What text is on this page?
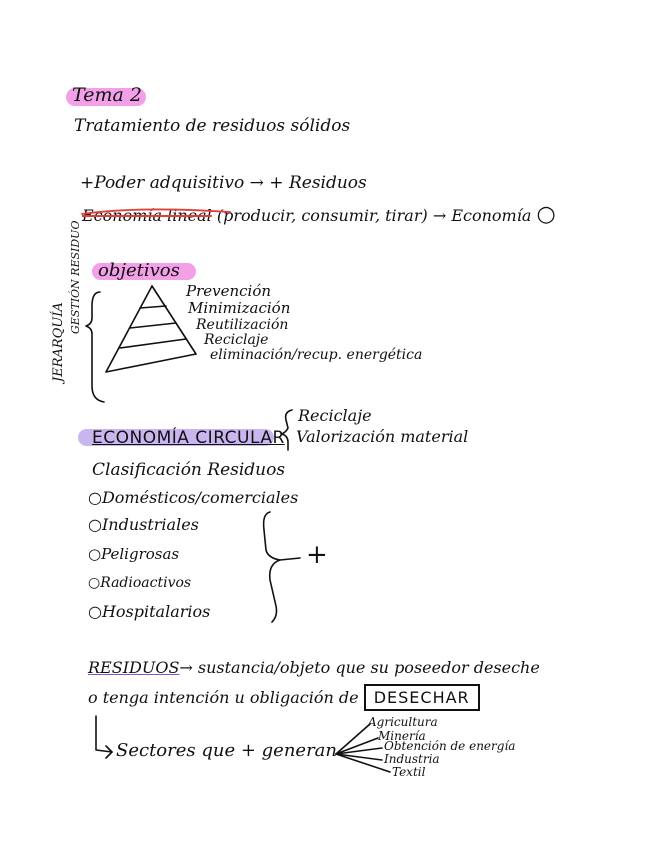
Tema 2
Tratamiento de residuos sólidos
+Poder adquisitivo → + Residuos
Economía lineal (producir, consumir, tirar) → Economía ○
objetivos
JERARQUÍA
GESTIÓN RESIDUO	Prevención
Minimización
Reutilización
Reciclaje
eliminación/recup. energética
ECONOMÍA CIRCULAR
Reciclaje
Valorización material
Clasificación Residuos
○Domésticos/comerciales
○Industriales
○Peligrosas
○Radioactivos
○Hospitalarios
+
RESIDUOS→ sustancia/objeto que su poseedor deseche
o tenga intención u obligación de DESECHAR
Sectores que + generan
Agricultura
Minería
Obtención de energía
Industria
Textil
